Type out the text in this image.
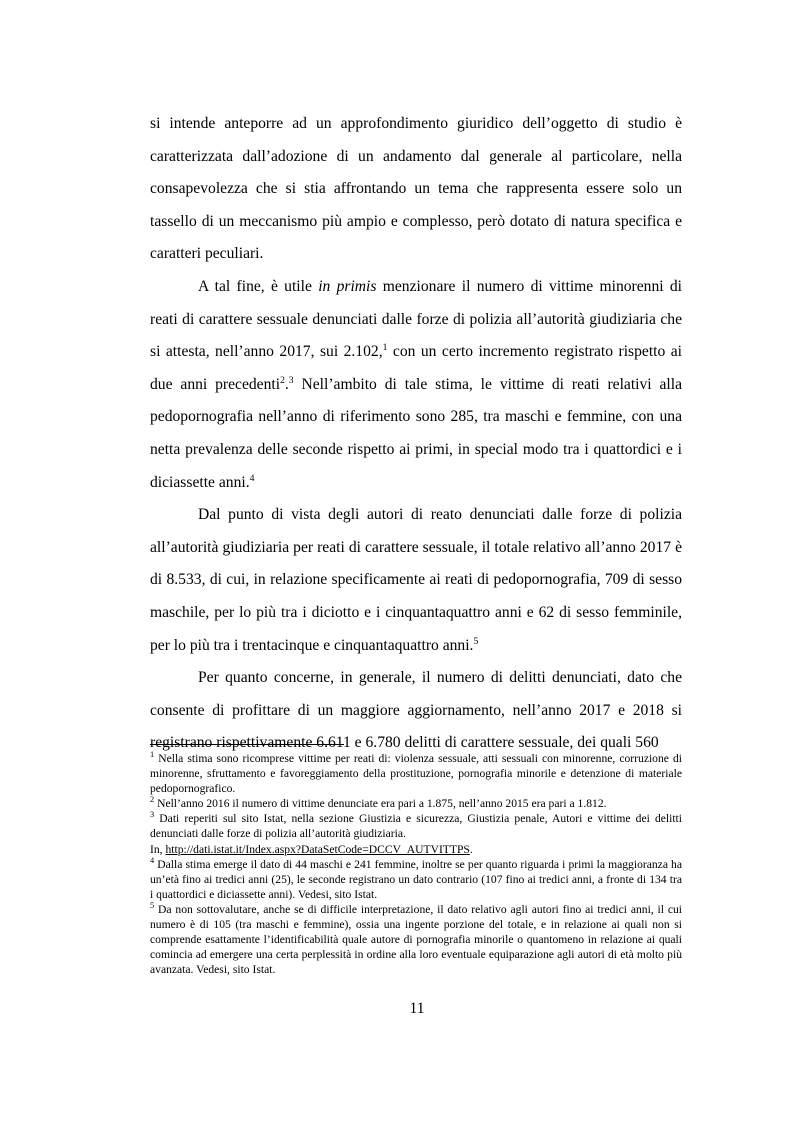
si intende anteporre ad un approfondimento giuridico dell’oggetto di studio è caratterizzata dall’adozione di un andamento dal generale al particolare, nella consapevolezza che si stia affrontando un tema che rappresenta essere solo un tassello di un meccanismo più ampio e complesso, però dotato di natura specifica e caratteri peculiari.

A tal fine, è utile in primis menzionare il numero di vittime minorenni di reati di carattere sessuale denunciati dalle forze di polizia all’autorità giudiziaria che si attesta, nell’anno 2017, sui 2.102,$^1$ con un certo incremento registrato rispetto ai due anni precedenti$^2$.$^3$ Nell’ambito di tale stima, le vittime di reati relativi alla pedopornografia nell’anno di riferimento sono 285, tra maschi e femmine, con una netta prevalenza delle seconde rispetto ai primi, in special modo tra i quattordici e i diciassette anni.$^4$

Dal punto di vista degli autori di reato denunciati dalle forze di polizia all’autorità giudiziaria per reati di carattere sessuale, il totale relativo all’anno 2017 è di 8.533, di cui, in relazione specificamente ai reati di pedopornografia, 709 di sesso maschile, per lo più tra i diciotto e i cinquantaquattro anni e 62 di sesso femminile, per lo più tra i trentacinque e cinquantaquattro anni.$^5$

Per quanto concerne, in generale, il numero di delitti denunciati, dato che consente di profittare di un maggiore aggiornamento, nell’anno 2017 e 2018 si registrano rispettivamente 6.611 e 6.780 delitti di carattere sessuale, dei quali 560

$^1$ Nella stima sono ricomprese vittime per reati di: violenza sessuale, atti sessuali con minorenne, corruzione di minorenne, sfruttamento e favoreggiamento della prostituzione, pornografia minorile e detenzione di materiale pedopornografico.

$^2$ Nell’anno 2016 il numero di vittime denunciate era pari a 1.875, nell’anno 2015 era pari a 1.812.

$^3$ Dati reperiti sul sito Istat, nella sezione Giustizia e sicurezza, Giustizia penale, Autori e vittime dei delitti denunciati dalle forze di polizia all’autorità giudiziaria.
In, http://dati.istat.it/Index.aspx?DataSetCode=DCCV_AUTVITTPS.

$^4$ Dalla stima emerge il dato di 44 maschi e 241 femmine, inoltre se per quanto riguarda i primi la maggioranza ha un’età fino ai tredici anni (25), le seconde registrano un dato contrario (107 fino ai tredici anni, a fronte di 134 tra i quattordici e diciassette anni). Vedesi, sito Istat.

$^5$ Da non sottovalutare, anche se di difficile interpretazione, il dato relativo agli autori fino ai tredici anni, il cui numero è di 105 (tra maschi e femmine), ossia una ingente porzione del totale, e in relazione ai quali non si comprende esattamente l’identificabilità quale autore di pornografia minorile o quantomeno in relazione ai quali comincia ad emergere una certa perplessità in ordine alla loro eventuale equiparazione agli autori di età molto più avanzata. Vedesi, sito Istat.

11
